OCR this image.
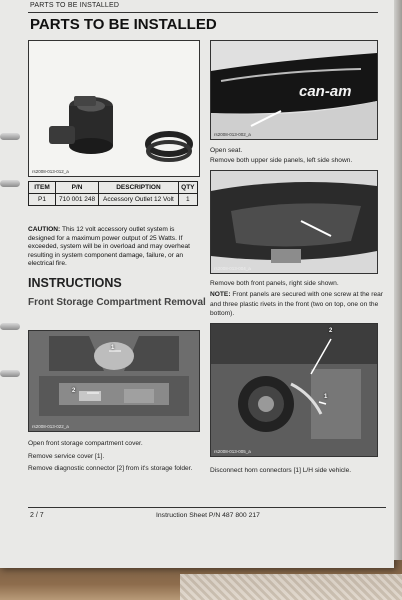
PARTS TO BE INSTALLED
PARTS TO BE INSTALLED
rs2008-013-012_a
ITEM	P/N	DESCRIPTION	QTY
P1	710 001 248	Accessory Outlet 12 Volt	1
CAUTION: This 12 volt accessory outlet system is designed for a maximum power output of 25 Watts. If exceeded, system will be in overload and may overheat resulting in system component damage, failure, or an electrical fire.
INSTRUCTIONS
Front Storage Compartment Removal
1
2
rs2008-013-022_a
Open front storage compartment cover.
Remove service cover [1].
Remove diagnostic connector [2] from it's storage folder.
can-am
rs2008-013-002_a
Open seat.
Remove both upper side panels, left side shown.
rs2008-013-004_a
Remove both front panels, right side shown.
NOTE: Front panels are secured with one screw at the rear and three plastic rivets in the front (two on top, one on the bottom).
2
1
rs2008-013-005_a
Disconnect horn connectors [1] L/H side vehicle.
2 / 7	Instruction Sheet P/N 487 800 217
